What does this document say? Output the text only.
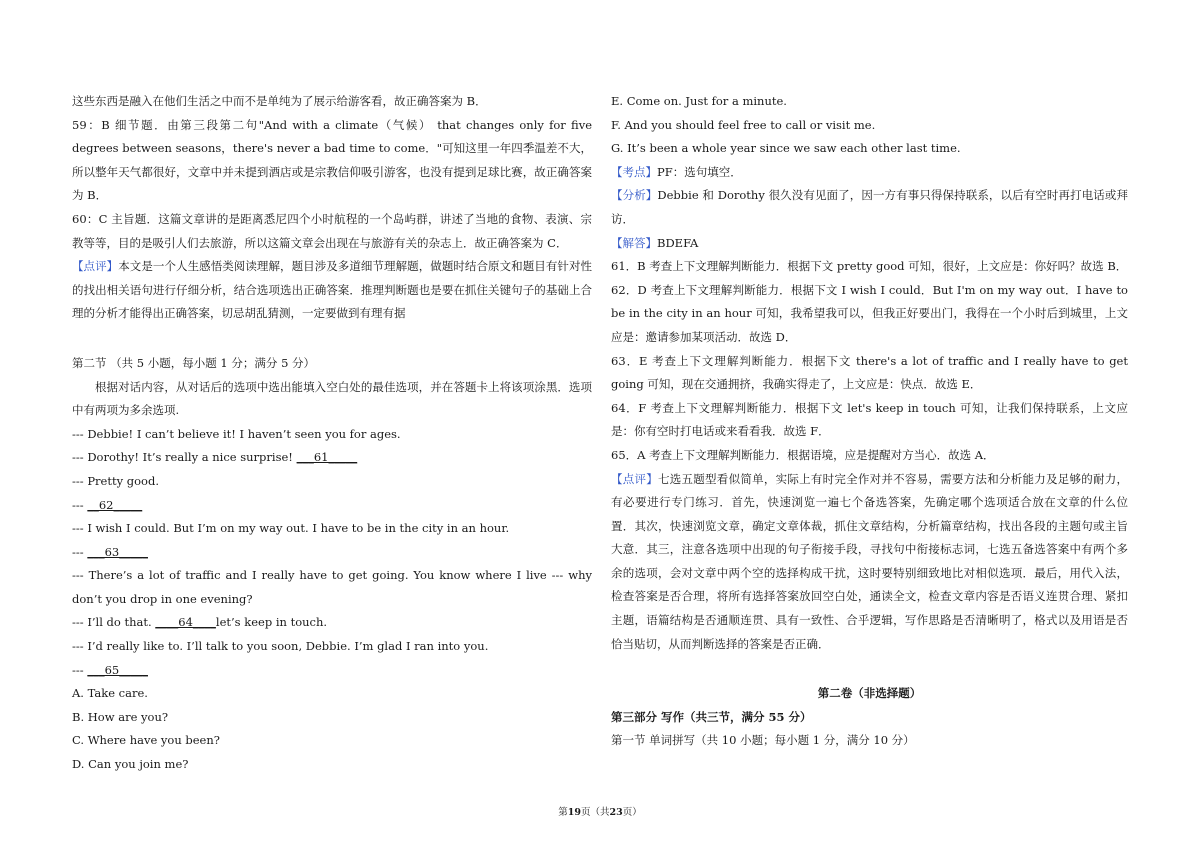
这些东西是融入在他们生活之中而不是单纯为了展示给游客看，故正确答案为 B．
59：B 细节题．由第三段第二句"And with a climate（气候） that changes only for five degrees between seasons，there's never a bad time to come．"可知这里一年四季温差不大，所以整年天气都很好，文章中并未提到酒店或是宗教信仰吸引游客，也没有提到足球比赛，故正确答案为 B．
60：C 主旨题．这篇文章讲的是距离悉尼四个小时航程的一个岛屿群，讲述了当地的食物、表演、宗教等等，目的是吸引人们去旅游，所以这篇文章会出现在与旅游有关的杂志上．故正确答案为 C．
【点评】本文是一个人生感悟类阅读理解，题目涉及多道细节理解题，做题时结合原文和题目有针对性的找出相关语句进行仔细分析，结合选项选出正确答案．推理判断题也是要在抓住关键句子的基础上合理的分析才能得出正确答案，切忌胡乱猜测，一定要做到有理有据
第二节 （共 5 小题，每小题 1 分；满分 5 分）
根据对话内容，从对话后的选项中选出能填入空白处的最佳选项，并在答题卡上将该项涂黑．选项中有两项为多余选项.
--- Debbie! I can’t believe it! I haven’t seen you for ages.
--- Dorothy! It’s really a nice surprise! ___61_____
--- Pretty good.
--- __62_____
--- I wish I could. But I’m on my way out. I have to be in the city in an hour.
--- ___63_____
--- There’s a lot of traffic and I really have to get going. You know where I live --- why don’t you drop in one evening?
--- I’ll do that. ____64____let’s keep in touch.
--- I’d really like to. I’ll talk to you soon, Debbie. I’m glad I ran into you.
--- ___65_____
A. Take care.
B. How are you?
C. Where have you been?
D. Can you join me?
E. Come on. Just for a minute.
F. And you should feel free to call or visit me.
G. It’s been a whole year since we saw each other last time.
【考点】PF：选句填空．
【分析】Debbie 和 Dorothy 很久没有见面了，因一方有事只得保持联系，以后有空时再打电话或拜访．
【解答】BDEFA
61．B 考查上下文理解判断能力．根据下文 pretty good 可知，很好，上文应是：你好吗？故选 B．
62．D 考查上下文理解判断能力．根据下文 I wish I could．But I'm on my way out．I have to be in the city in an hour 可知，我希望我可以，但我正好要出门，我得在一个小时后到城里，上文应是：邀请参加某项活动．故选 D．
63．E 考查上下文理解判断能力．根据下文 there's a lot of traffic and I really have to get going 可知，现在交通拥挤，我确实得走了，上文应是：快点．故选 E．
64．F 考查上下文理解判断能力．根据下文 let's keep in touch 可知，让我们保持联系，上文应是：你有空时打电话或来看看我．故选 F．
65．A 考查上下文理解判断能力．根据语境，应是提醒对方当心．故选 A．
【点评】七选五题型看似简单，实际上有时完全作对并不容易，需要方法和分析能力及足够的耐力，有必要进行专门练习．首先，快速浏览一遍七个备选答案，先确定哪个选项适合放在文章的什么位置．其次，快速浏览文章，确定文章体裁，抓住文章结构，分析篇章结构，找出各段的主题句或主旨大意．其三，注意各选项中出现的句子衔接手段，寻找句中衔接标志词，七选五备选答案中有两个多余的选项，会对文章中两个空的选择构成干扰，这时要特别细致地比对相似选项．最后，用代入法，检查答案是否合理，将所有选择答案放回空白处，通读全文，检查文章内容是否语义连贯合理、紧扣主题，语篇结构是否通顺连贯、具有一致性、合乎逻辑，写作思路是否清晰明了，格式以及用语是否恰当贴切，从而判断选择的答案是否正确．
第二卷（非选择题）
第三部分 写作（共三节，满分 55 分）
第一节 单词拼写（共 10 小题；每小题 1 分，满分 10 分）
第19页（共23页）
